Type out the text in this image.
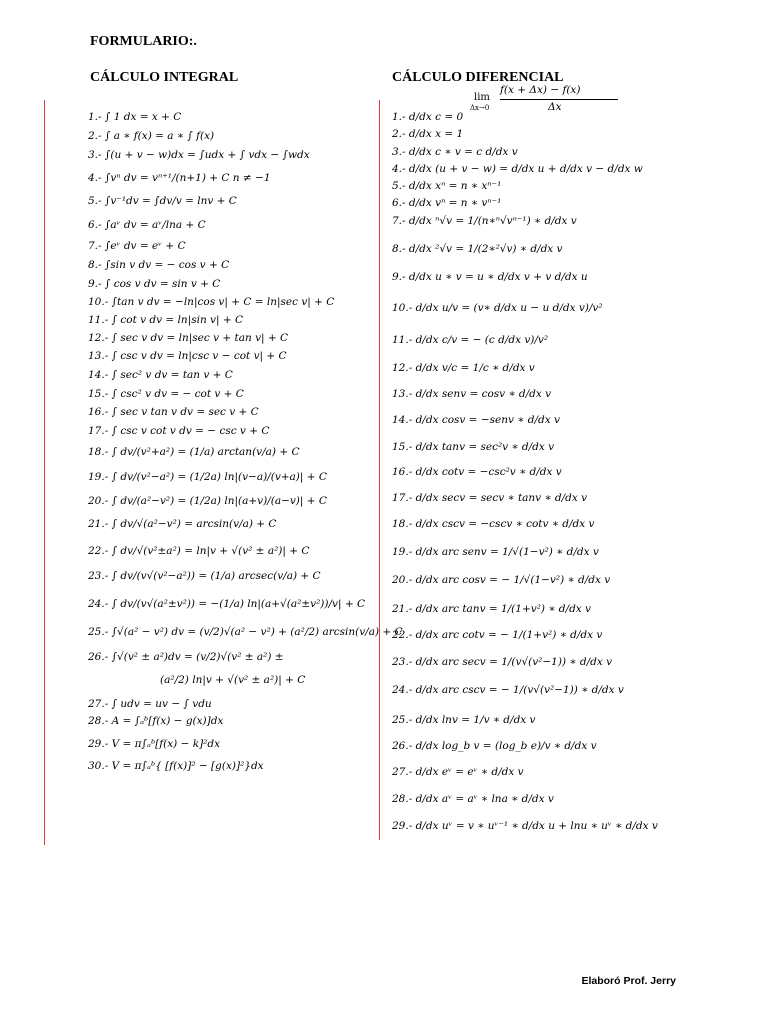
FORMULARIO:.
CÁLCULO INTEGRAL	CÁLCULO DIFERENCIAL
lim
Δx→0
f(x + Δx) − f(x)
Δx
1.- ∫ 1 dx = x + C
2.- ∫ a ∗ f(x) = a ∗ ∫ f(x)
3.- ∫(u + v − w)dx = ∫udx + ∫ vdx − ∫wdx
4.- ∫vⁿ dv = vⁿ⁺¹/(n+1) + C n ≠ −1
5.- ∫v⁻¹dv = ∫dv/v = lnv + C
6.- ∫aᵛ dv = aᵛ/lna + C
7.- ∫eᵛ dv = eᵛ + C
8.- ∫sin v dv = − cos v + C
9.- ∫ cos v dv = sin v + C
10.- ∫tan v dv = −ln|cos v| + C = ln|sec v| + C
11.- ∫ cot v dv = ln|sin v| + C
12.- ∫ sec v dv = ln|sec v + tan v| + C
13.- ∫ csc v dv = ln|csc v − cot v| + C
14.- ∫ sec² v dv = tan v + C
15.- ∫ csc² v dv = − cot v + C
16.- ∫ sec v tan v dv = sec v + C
17.- ∫ csc v cot v dv = − csc v + C
18.- ∫ dv/(v²+a²) = (1/a) arctan(v/a) + C
19.- ∫ dv/(v²−a²) = (1/2a) ln|(v−a)/(v+a)| + C
20.- ∫ dv/(a²−v²) = (1/2a) ln|(a+v)/(a−v)| + C
21.- ∫ dv/√(a²−v²) = arcsin(v/a) + C
22.- ∫ dv/√(v²±a²) = ln|v + √(v² ± a²)| + C
23.- ∫ dv/(v√(v²−a²)) = (1/a) arcsec(v/a) + C
24.- ∫ dv/(v√(a²±v²)) = −(1/a) ln|(a+√(a²±v²))/v| + C
25.- ∫√(a² − v²) dv = (v/2)√(a² − v²) + (a²/2) arcsin(v/a) + C
26.- ∫√(v² ± a²)dv = (v/2)√(v² ± a²) ±
(a²/2) ln|v + √(v² ± a²)| + C
27.- ∫ udv = uv − ∫ vdu
28.- A = ∫ₐᵇ[f(x) − g(x)]dx
29.- V = π∫ₐᵇ[f(x) − k]²dx
30.- V = π∫ₐᵇ{ [f(x)]² − [g(x)]²}dx
1.- d/dx c = 0
2.- d/dx x = 1
3.- d/dx c ∗ v = c d/dx v
4.- d/dx (u + v − w) = d/dx u + d/dx v − d/dx w
5.- d/dx xⁿ = n ∗ xⁿ⁻¹
6.- d/dx vⁿ = n ∗ vⁿ⁻¹
7.- d/dx ⁿ√v = 1/(n∗ⁿ√vⁿ⁻¹) ∗ d/dx v
8.- d/dx ²√v = 1/(2∗²√v) ∗ d/dx v
9.- d/dx u ∗ v = u ∗ d/dx v + v d/dx u
10.- d/dx u/v = (v∗ d/dx u − u d/dx v)/v²
11.- d/dx c/v = − (c d/dx v)/v²
12.- d/dx v/c = 1/c ∗ d/dx v
13.- d/dx senv = cosv ∗ d/dx v
14.- d/dx cosv = −senv ∗ d/dx v
15.- d/dx tanv = sec²v ∗ d/dx v
16.- d/dx cotv = −csc²v ∗ d/dx v
17.- d/dx secv = secv ∗ tanv ∗ d/dx v
18.- d/dx cscv = −cscv ∗ cotv ∗ d/dx v
19.- d/dx arc senv = 1/√(1−v²) ∗ d/dx v
20.- d/dx arc cosv = − 1/√(1−v²) ∗ d/dx v
21.- d/dx arc tanv = 1/(1+v²) ∗ d/dx v
22.- d/dx arc cotv = − 1/(1+v²) ∗ d/dx v
23.- d/dx arc secv = 1/(v√(v²−1)) ∗ d/dx v
24.- d/dx arc cscv = − 1/(v√(v²−1)) ∗ d/dx v
25.- d/dx lnv = 1/v ∗ d/dx v
26.- d/dx log_b v = (log_b e)/v ∗ d/dx v
27.- d/dx eᵛ = eᵛ ∗ d/dx v
28.- d/dx aᵛ = aᵛ ∗ lna ∗ d/dx v
29.- d/dx uᵛ = v ∗ uᵛ⁻¹ ∗ d/dx u + lnu ∗ uᵛ ∗ d/dx v
Elaboró Prof. Jerry
